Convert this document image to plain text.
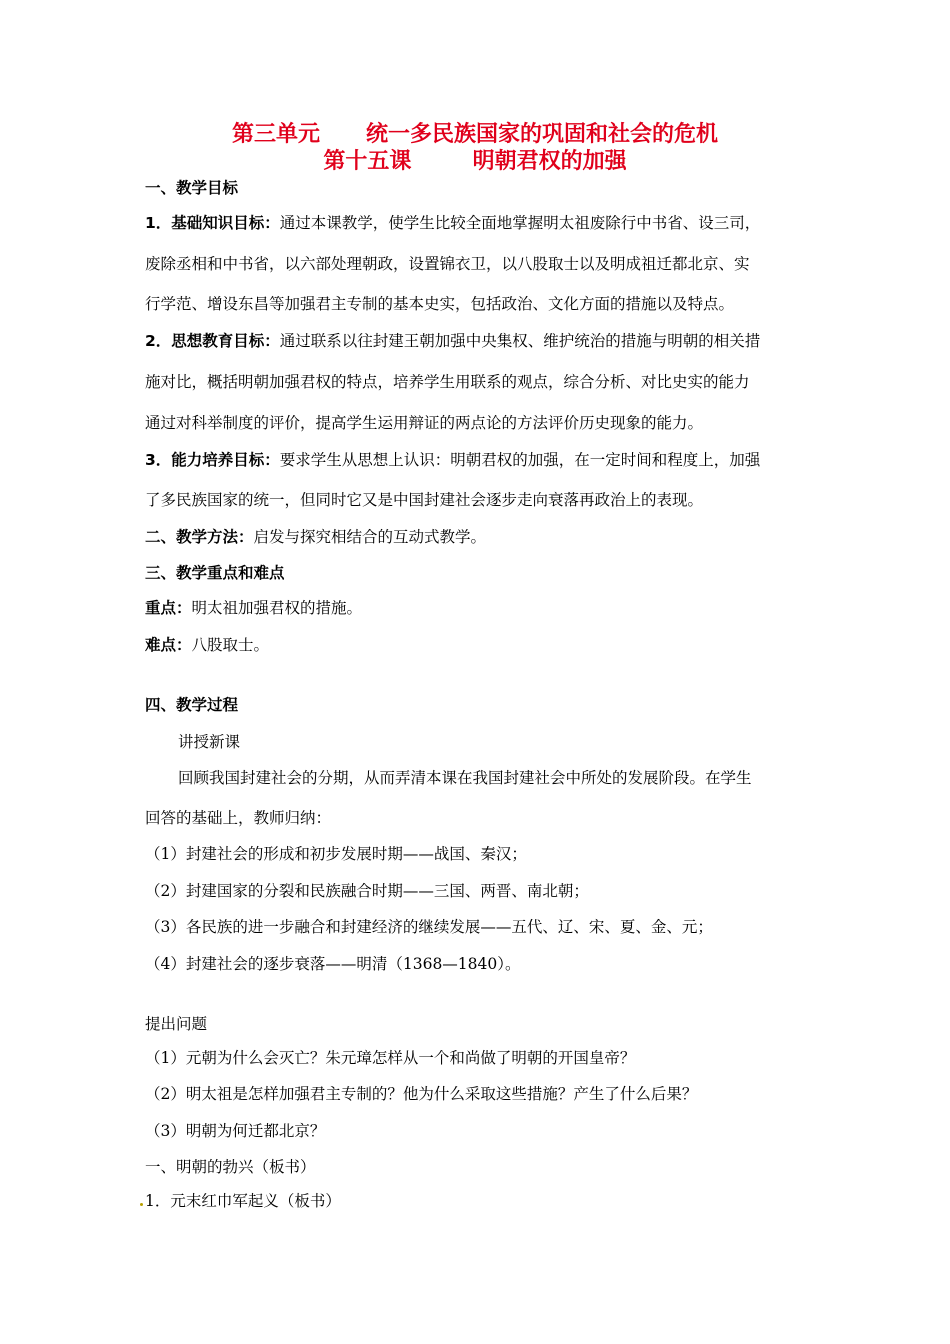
第三单元      统一多民族国家的巩固和社会的危机
第十五课        明朝君权的加强
一、教学目标
1．基础知识目标：通过本课教学，使学生比较全面地掌握明太祖废除行中书省、设三司，
废除丞相和中书省，以六部处理朝政，设置锦衣卫，以八股取士以及明成祖迁都北京、实
行学范、增设东昌等加强君主专制的基本史实，包括政治、文化方面的措施以及特点。
2．思想教育目标：通过联系以往封建王朝加强中央集权、维护统治的措施与明朝的相关措
施对比，概括明朝加强君权的特点，培养学生用联系的观点，综合分析、对比史实的能力
通过对科举制度的评价，提高学生运用辩证的两点论的方法评价历史现象的能力。
3．能力培养目标：要求学生从思想上认识：明朝君权的加强，在一定时间和程度上，加强
了多民族国家的统一，但同时它又是中国封建社会逐步走向衰落再政治上的表现。
二、教学方法：启发与探究相结合的互动式教学。
三、教学重点和难点
重点：明太祖加强君权的措施。
难点：八股取士。
四、教学过程
讲授新课
回顾我国封建社会的分期，从而弄清本课在我国封建社会中所处的发展阶段。在学生
回答的基础上，教师归纳：
（1）封建社会的形成和初步发展时期——战国、秦汉；
（2）封建国家的分裂和民族融合时期——三国、两晋、南北朝；
（3）各民族的进一步融合和封建经济的继续发展——五代、辽、宋、夏、金、元；
（4）封建社会的逐步衰落——明清（1368—1840）。
提出问题
（1）元朝为什么会灭亡？朱元璋怎样从一个和尚做了明朝的开国皇帝？
（2）明太祖是怎样加强君主专制的？他为什么采取这些措施？产生了什么后果？
（3）明朝为何迁都北京？
一、明朝的勃兴（板书）
1．元末红巾军起义（板书）
